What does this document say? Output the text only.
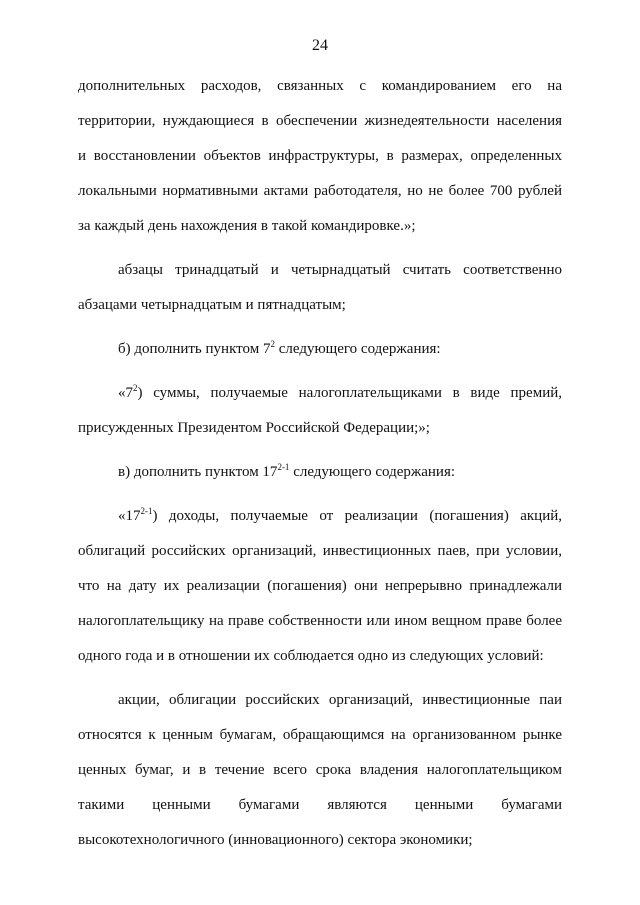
24
дополнительных расходов, связанных с командированием его на
территории, нуждающиеся в обеспечении жизнедеятельности населения
и восстановлении объектов инфраструктуры, в размерах, определенных
локальными нормативными актами работодателя, но не более 700 рублей
за каждый день нахождения в такой командировке.»;
абзацы тринадцатый и четырнадцатый считать соответственно
абзацами четырнадцатым и пятнадцатым;
б) дополнить пунктом $7^2$ следующего содержания:
«$7^2$) суммы, получаемые налогоплательщиками в виде премий,
присужденных Президентом Российской Федерации;»;
в) дополнить пунктом 17$^{2-1}$ следующего содержания:
«17$^{2-1}$) доходы, получаемые от реализации (погашения) акций,
облигаций российских организаций, инвестиционных паев, при условии,
что на дату их реализации (погашения) они непрерывно принадлежали
налогоплательщику на праве собственности или ином вещном праве более
одного года и в отношении их соблюдается одно из следующих условий:
акции, облигации российских организаций, инвестиционные паи
относятся к ценным бумагам, обращающимся на организованном рынке
ценных бумаг, и в течение всего срока владения налогоплательщиком
такими ценными бумагами являются ценными бумагами
высокотехнологичного (инновационного) сектора экономики;
